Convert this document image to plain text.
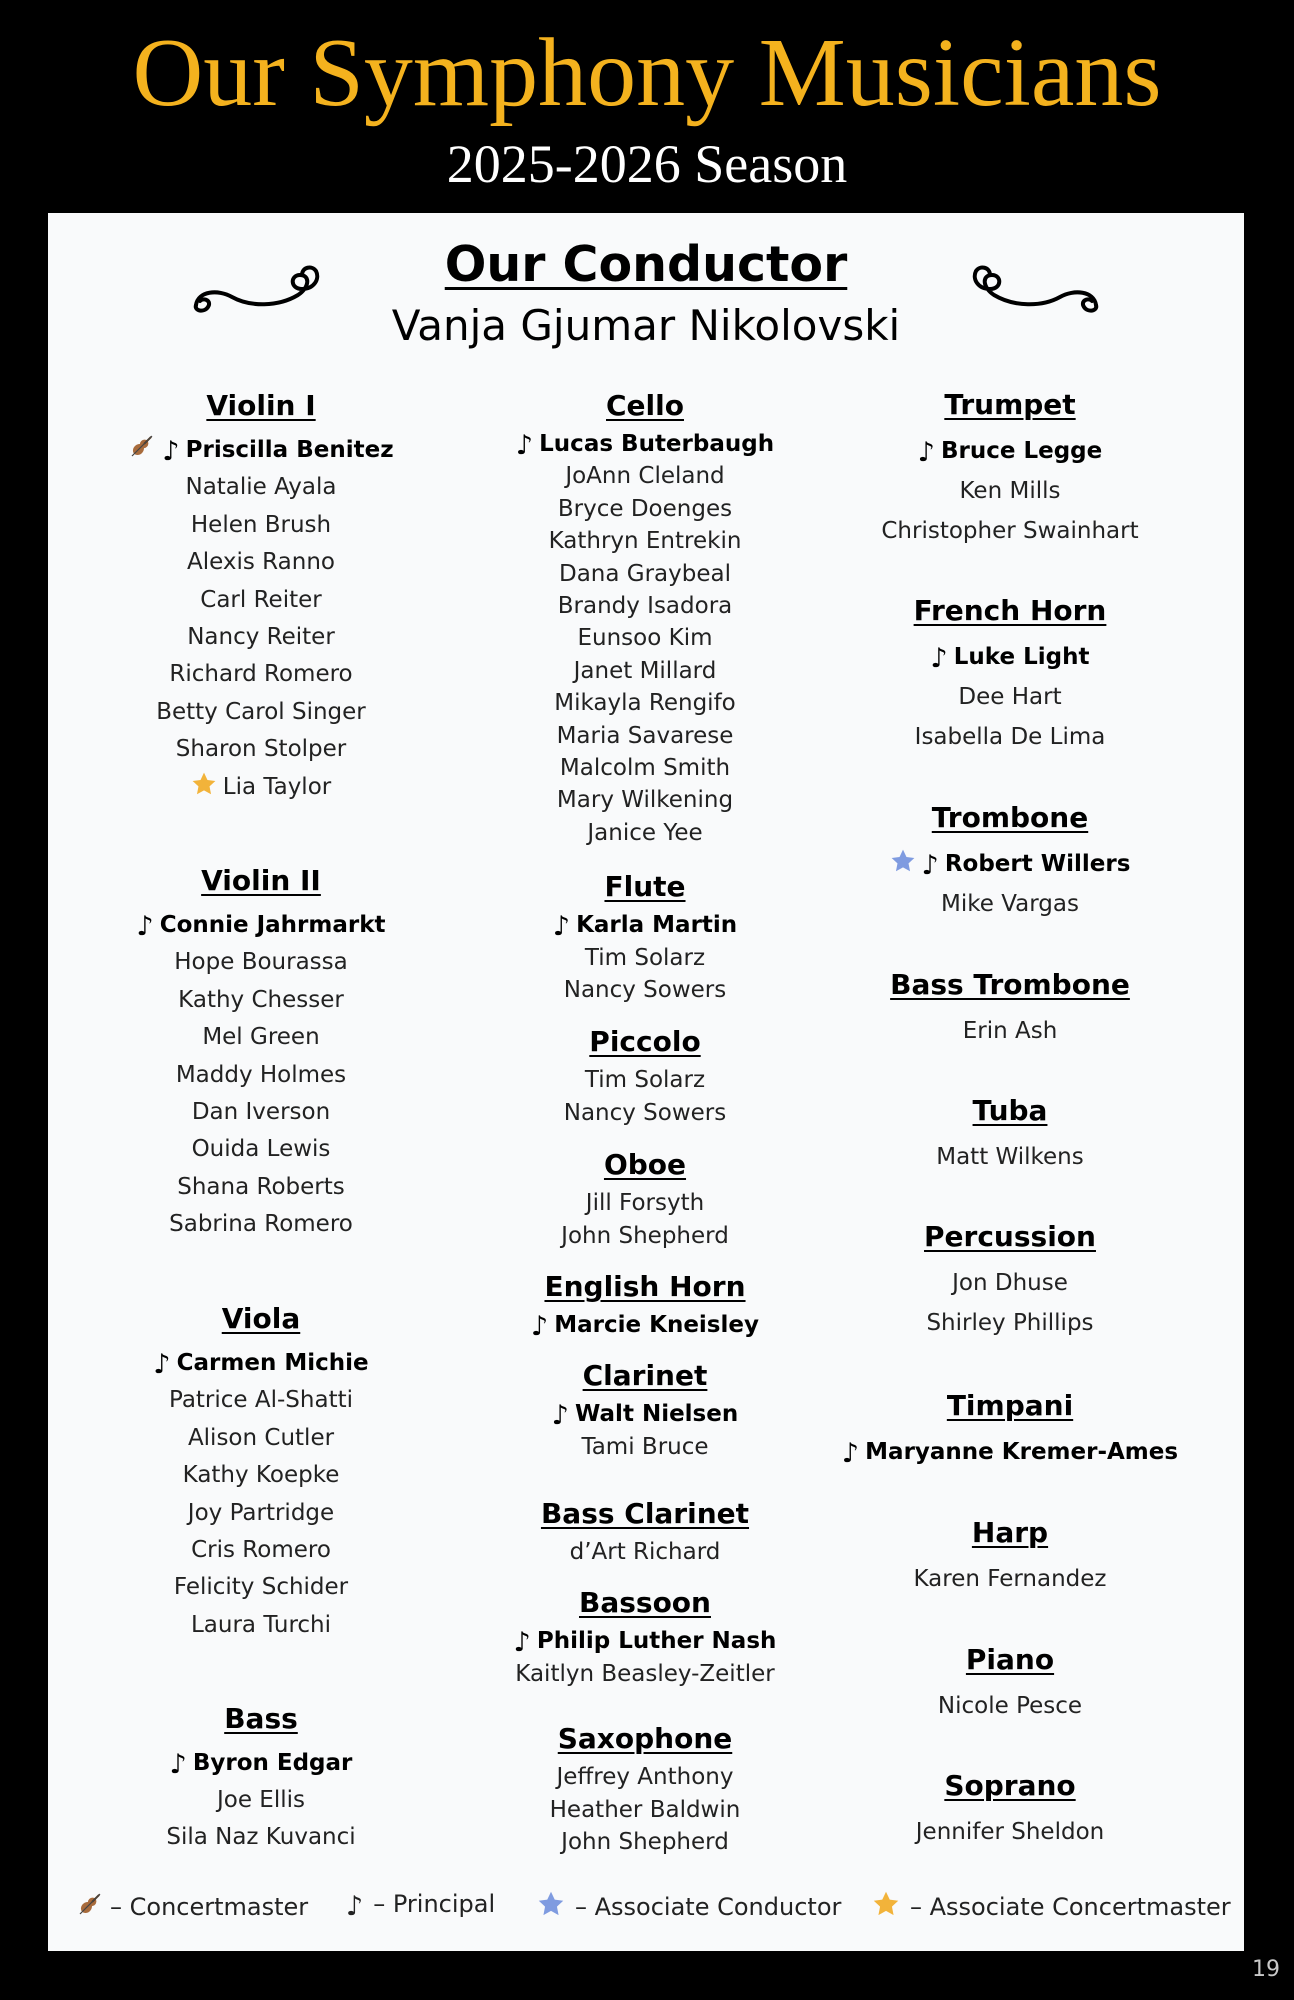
Our Symphony Musicians
2025-2026 Season
Our Conductor
Vanja Gjumar Nikolovski
Violin I
♪ Priscilla Benitez
Natalie Ayala
Helen Brush
Alexis Ranno
Carl Reiter
Nancy Reiter
Richard Romero
Betty Carol Singer
Sharon Stolper
Lia Taylor
Violin II
♪ Connie Jahrmarkt
Hope Bourassa
Kathy Chesser
Mel Green
Maddy Holmes
Dan Iverson
Ouida Lewis
Shana Roberts
Sabrina Romero
Viola
♪ Carmen Michie
Patrice Al-Shatti
Alison Cutler
Kathy Koepke
Joy Partridge
Cris Romero
Felicity Schider
Laura Turchi
Bass
♪ Byron Edgar
Joe Ellis
Sila Naz Kuvanci
Cello
♪ Lucas Buterbaugh
JoAnn Cleland
Bryce Doenges
Kathryn Entrekin
Dana Graybeal
Brandy Isadora
Eunsoo Kim
Janet Millard
Mikayla Rengifo
Maria Savarese
Malcolm Smith
Mary Wilkening
Janice Yee
Flute
♪ Karla Martin
Tim Solarz
Nancy Sowers
Piccolo
Tim Solarz
Nancy Sowers
Oboe
Jill Forsyth
John Shepherd
English Horn
♪ Marcie Kneisley
Clarinet
♪ Walt Nielsen
Tami Bruce
Bass Clarinet
d’Art Richard
Bassoon
♪ Philip Luther Nash
Kaitlyn Beasley-Zeitler
Saxophone
Jeffrey Anthony
Heather Baldwin
John Shepherd
Trumpet
♪ Bruce Legge
Ken Mills
Christopher Swainhart
French Horn
♪ Luke Light
Dee Hart
Isabella De Lima
Trombone
♪ Robert Willers
Mike Vargas
Bass Trombone
Erin Ash
Tuba
Matt Wilkens
Percussion
Jon Dhuse
Shirley Phillips
Timpani
♪ Maryanne Kremer-Ames
Harp
Karen Fernandez
Piano
Nicole Pesce
Soprano
Jennifer Sheldon
– Concertmaster ♪ – Principal	– Associate Conductor	– Associate Concertmaster
19
